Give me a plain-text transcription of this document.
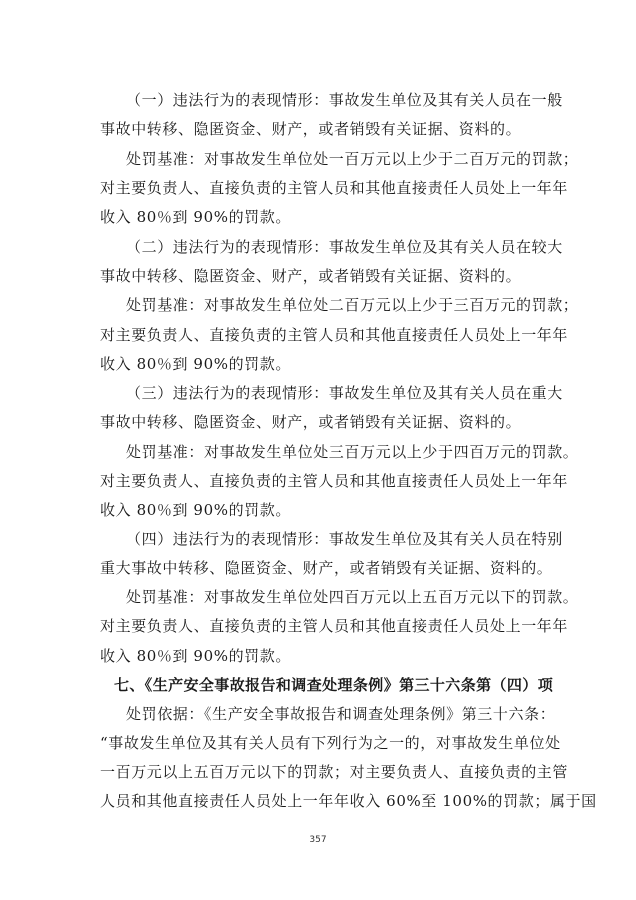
（一）违法行为的表现情形：事故发生单位及其有关人员在一般
事故中转移、隐匿资金、财产，或者销毁有关证据、资料的。
处罚基准：对事故发生单位处一百万元以上少于二百万元的罚款；
对主要负责人、直接负责的主管人员和其他直接责任人员处上一年年
收入 80％到 90%的罚款。
（二）违法行为的表现情形：事故发生单位及其有关人员在较大
事故中转移、隐匿资金、财产，或者销毁有关证据、资料的。
处罚基准：对事故发生单位处二百万元以上少于三百万元的罚款；
对主要负责人、直接负责的主管人员和其他直接责任人员处上一年年
收入 80％到 90%的罚款。
（三）违法行为的表现情形：事故发生单位及其有关人员在重大
事故中转移、隐匿资金、财产，或者销毁有关证据、资料的。
处罚基准：对事故发生单位处三百万元以上少于四百万元的罚款。
对主要负责人、直接负责的主管人员和其他直接责任人员处上一年年
收入 80％到 90%的罚款。
（四）违法行为的表现情形：事故发生单位及其有关人员在特别
重大事故中转移、隐匿资金、财产，或者销毁有关证据、资料的。
处罚基准：对事故发生单位处四百万元以上五百万元以下的罚款。
对主要负责人、直接负责的主管人员和其他直接责任人员处上一年年
收入 80％到 90%的罚款。
七、《生产安全事故报告和调查处理条例》第三十六条第（四）项
处罚依据：《生产安全事故报告和调查处理条例》第三十六条：
“事故发生单位及其有关人员有下列行为之一的，对事故发生单位处
一百万元以上五百万元以下的罚款；对主要负责人、直接负责的主管
人员和其他直接责任人员处上一年年收入 60%至 100%的罚款；属于国
357
